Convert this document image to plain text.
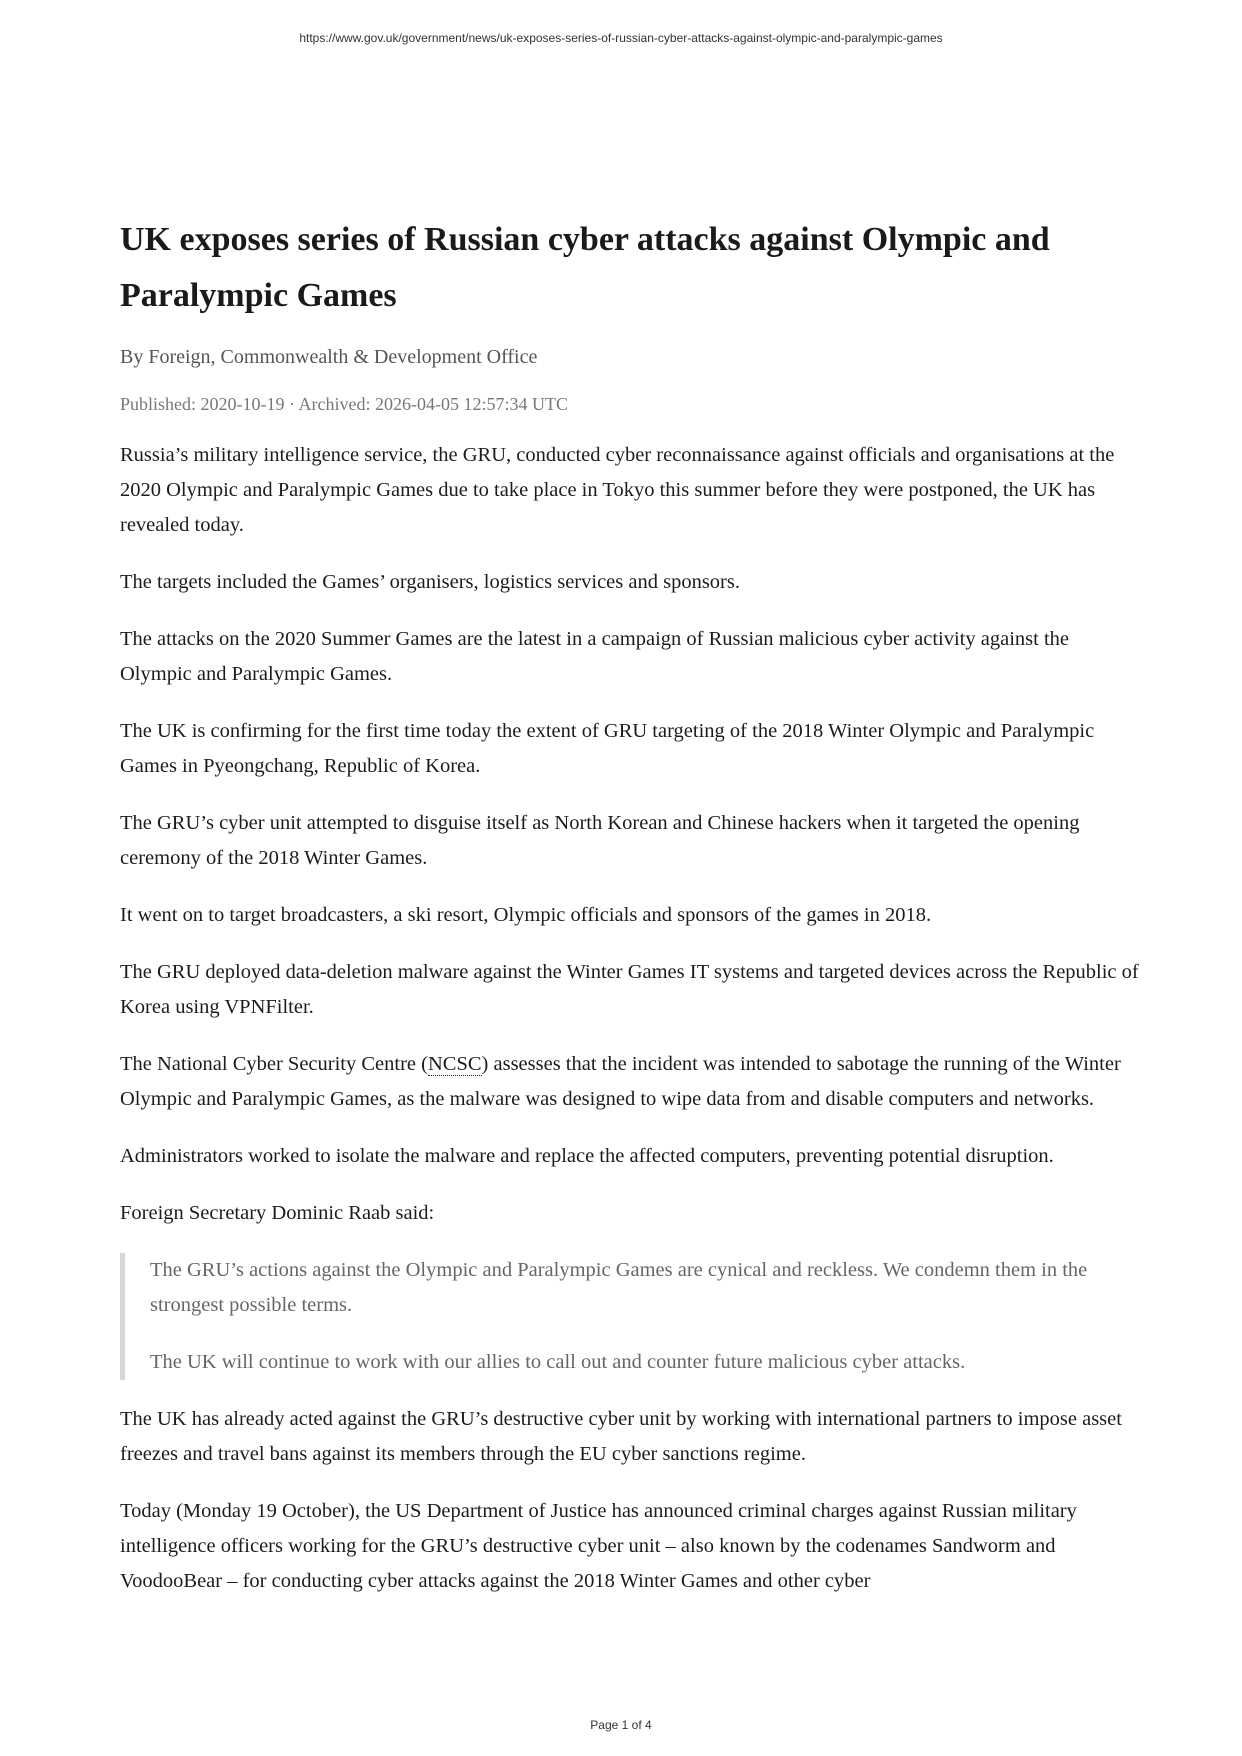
https://www.gov.uk/government/news/uk-exposes-series-of-russian-cyber-attacks-against-olympic-and-paralympic-games
UK exposes series of Russian cyber attacks against Olympic and Paralympic Games
By Foreign, Commonwealth & Development Office
Published: 2020-10-19 · Archived: 2026-04-05 12:57:34 UTC

Russia’s military intelligence service, the GRU, conducted cyber reconnaissance against officials and organisations at the 2020 Olympic and Paralympic Games due to take place in Tokyo this summer before they were postponed, the UK has revealed today.

The targets included the Games’ organisers, logistics services and sponsors.

The attacks on the 2020 Summer Games are the latest in a campaign of Russian malicious cyber activity against the Olympic and Paralympic Games.

The UK is confirming for the first time today the extent of GRU targeting of the 2018 Winter Olympic and Paralympic Games in Pyeongchang, Republic of Korea.

The GRU’s cyber unit attempted to disguise itself as North Korean and Chinese hackers when it targeted the opening ceremony of the 2018 Winter Games.

It went on to target broadcasters, a ski resort, Olympic officials and sponsors of the games in 2018.

The GRU deployed data-deletion malware against the Winter Games IT systems and targeted devices across the Republic of Korea using VPNFilter.

The National Cyber Security Centre (NCSC) assesses that the incident was intended to sabotage the running of the Winter Olympic and Paralympic Games, as the malware was designed to wipe data from and disable computers and networks.

Administrators worked to isolate the malware and replace the affected computers, preventing potential disruption.

Foreign Secretary Dominic Raab said:

The GRU’s actions against the Olympic and Paralympic Games are cynical and reckless. We condemn them in the strongest possible terms.

The UK will continue to work with our allies to call out and counter future malicious cyber attacks.

The UK has already acted against the GRU’s destructive cyber unit by working with international partners to impose asset freezes and travel bans against its members through the EU cyber sanctions regime.

Today (Monday 19 October), the US Department of Justice has announced criminal charges against Russian military intelligence officers working for the GRU’s destructive cyber unit – also known by the codenames Sandworm and VoodooBear – for conducting cyber attacks against the 2018 Winter Games and other cyber

Page 1 of 4
